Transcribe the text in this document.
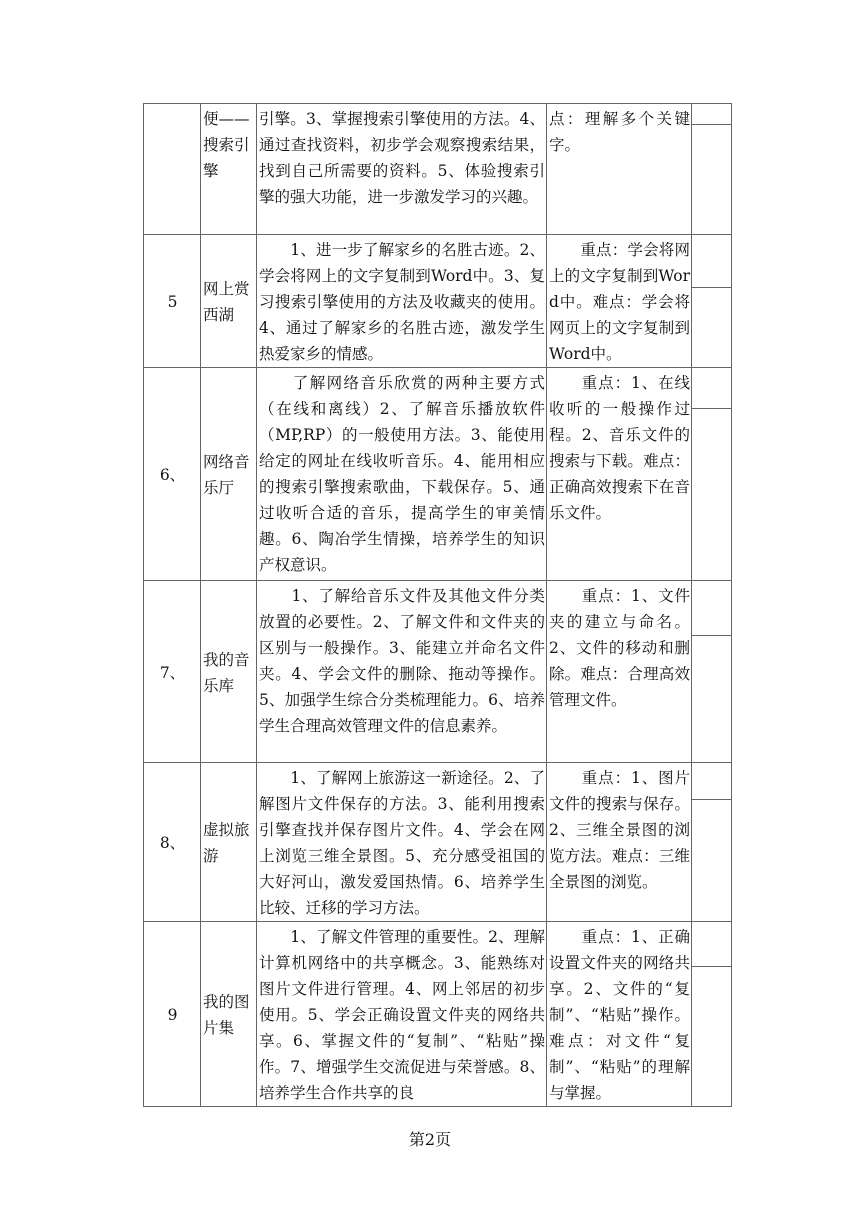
	便——搜索引擎	引擎。3、掌握搜索引擎使用的方法。4、通过查找资料，初步学会观察搜索结果，找到自己所需要的资料。5、体验搜索引擎的强大功能，进一步激发学习的兴趣。	点：理解多个关键字。	

5	网上赏西湖	　　1、进一步了解家乡的名胜古迹。2、学会将网上的文字复制到Word中。3、复习搜索引擎使用的方法及收藏夹的使用。4、通过了解家乡的名胜古迹，激发学生热爱家乡的情感。	　　重点：学会将网上的文字复制到Word中。难点：学会将网页上的文字复制到Word中。	

6、	网络音乐厅	　　了解网络音乐欣赏的两种主要方式（在线和离线）2、了解音乐播放软件（MP,RP）的一般使用方法。3、能使用给定的网址在线收听音乐。4、能用相应的搜索引擎搜索歌曲，下载保存。5、通过收听合适的音乐，提高学生的审美情趣。6、陶冶学生情操，培养学生的知识产权意识。	　　重点：1、在线收听的一般操作过程。2、音乐文件的搜索与下载。难点：正确高效搜索下在音乐文件。	

7、	我的音乐库	　　1、了解给音乐文件及其他文件分类放置的必要性。2、了解文件和文件夹的区别与一般操作。3、能建立并命名文件夹。4、学会文件的删除、拖动等操作。5、加强学生综合分类梳理能力。6、培养学生合理高效管理文件的信息素养。	　　重点：1、文件夹的建立与命名。2、文件的移动和删除。难点：合理高效管理文件。	

8、	虚拟旅游	　　1、了解网上旅游这一新途径。2、了解图片文件保存的方法。3、能利用搜索引擎查找并保存图片文件。4、学会在网上浏览三维全景图。5、充分感受祖国的大好河山，激发爱国热情。6、培养学生比较、迁移的学习方法。	　　重点：1、图片文件的搜索与保存。2、三维全景图的浏览方法。难点：三维全景图的浏览。	

9	我的图片集	　　1、了解文件管理的重要性。2、理解计算机网络中的共享概念。3、能熟练对图片文件进行管理。4、网上邻居的初步使用。5、学会正确设置文件夹的网络共享。6、掌握文件的“复制”、“粘贴”操作。7、增强学生交流促进与荣誉感。8、培养学生合作共享的良	　　重点：1、正确设置文件夹的网络共享。2、文件的“复制”、“粘贴”操作。难点：对文件“复制”、“粘贴”的理解与掌握。	
第2页
